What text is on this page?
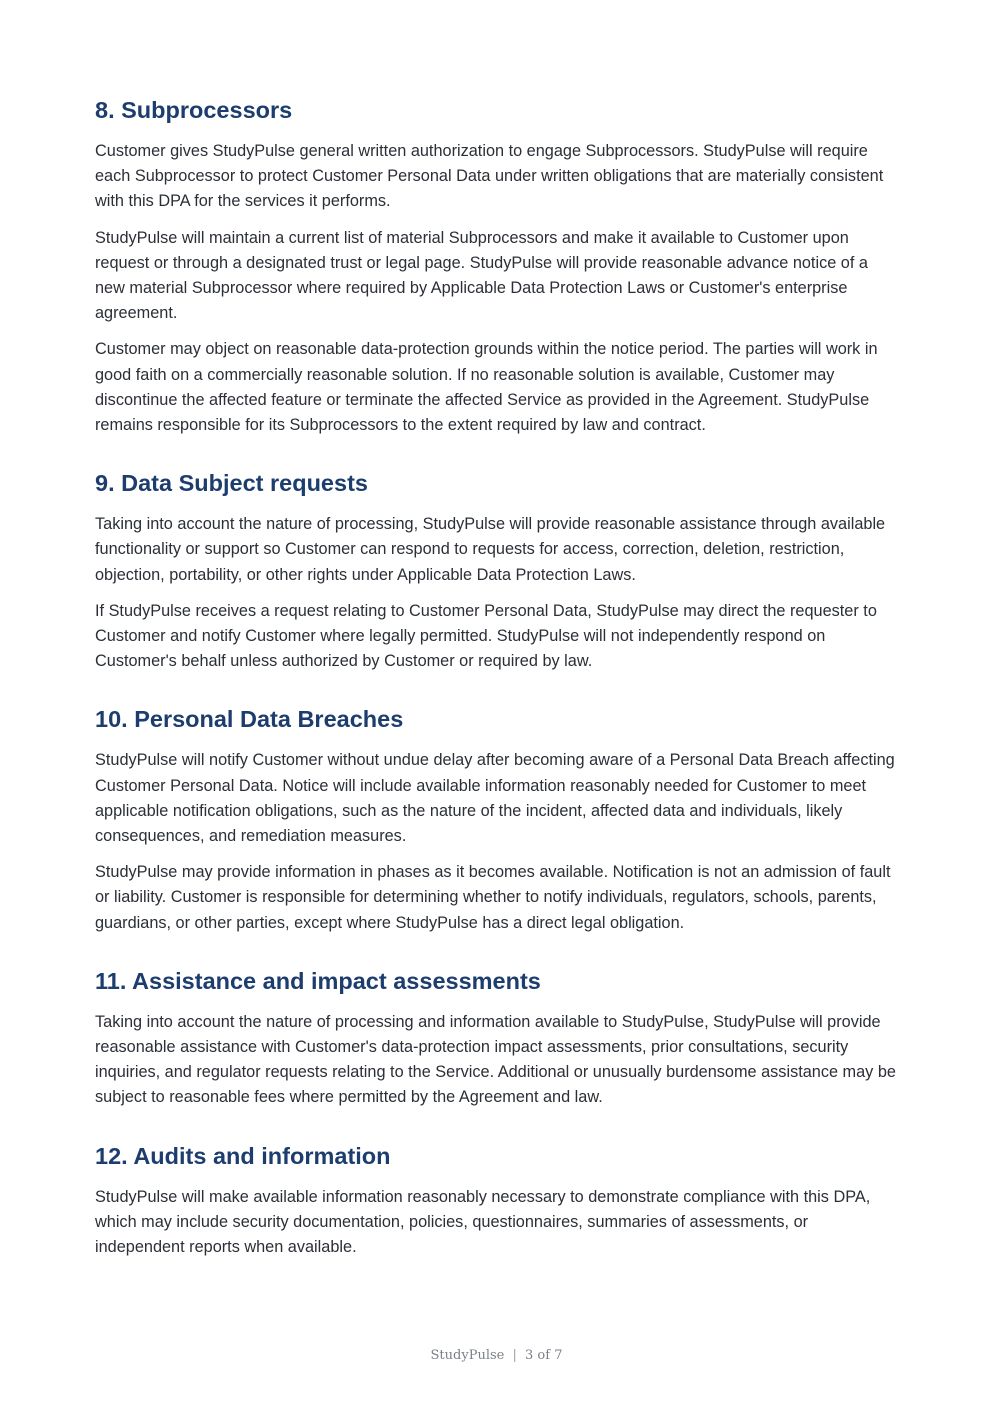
8. Subprocessors

Customer gives StudyPulse general written authorization to engage Subprocessors. StudyPulse will require each Subprocessor to protect Customer Personal Data under written obligations that are materially consistent with this DPA for the services it performs.

StudyPulse will maintain a current list of material Subprocessors and make it available to Customer upon request or through a designated trust or legal page. StudyPulse will provide reasonable advance notice of a new material Subprocessor where required by Applicable Data Protection Laws or Customer's enterprise agreement.

Customer may object on reasonable data-protection grounds within the notice period. The parties will work in good faith on a commercially reasonable solution. If no reasonable solution is available, Customer may discontinue the affected feature or terminate the affected Service as provided in the Agreement. StudyPulse remains responsible for its Subprocessors to the extent required by law and contract.

9. Data Subject requests

Taking into account the nature of processing, StudyPulse will provide reasonable assistance through available functionality or support so Customer can respond to requests for access, correction, deletion, restriction, objection, portability, or other rights under Applicable Data Protection Laws.

If StudyPulse receives a request relating to Customer Personal Data, StudyPulse may direct the requester to Customer and notify Customer where legally permitted. StudyPulse will not independently respond on Customer's behalf unless authorized by Customer or required by law.

10. Personal Data Breaches

StudyPulse will notify Customer without undue delay after becoming aware of a Personal Data Breach affecting Customer Personal Data. Notice will include available information reasonably needed for Customer to meet applicable notification obligations, such as the nature of the incident, affected data and individuals, likely consequences, and remediation measures.

StudyPulse may provide information in phases as it becomes available. Notification is not an admission of fault or liability. Customer is responsible for determining whether to notify individuals, regulators, schools, parents, guardians, or other parties, except where StudyPulse has a direct legal obligation.

11. Assistance and impact assessments

Taking into account the nature of processing and information available to StudyPulse, StudyPulse will provide reasonable assistance with Customer's data-protection impact assessments, prior consultations, security inquiries, and regulator requests relating to the Service. Additional or unusually burdensome assistance may be subject to reasonable fees where permitted by the Agreement and law.

12. Audits and information

StudyPulse will make available information reasonably necessary to demonstrate compliance with this DPA, which may include security documentation, policies, questionnaires, summaries of assessments, or independent reports when available.

StudyPulse | 3 of 7
